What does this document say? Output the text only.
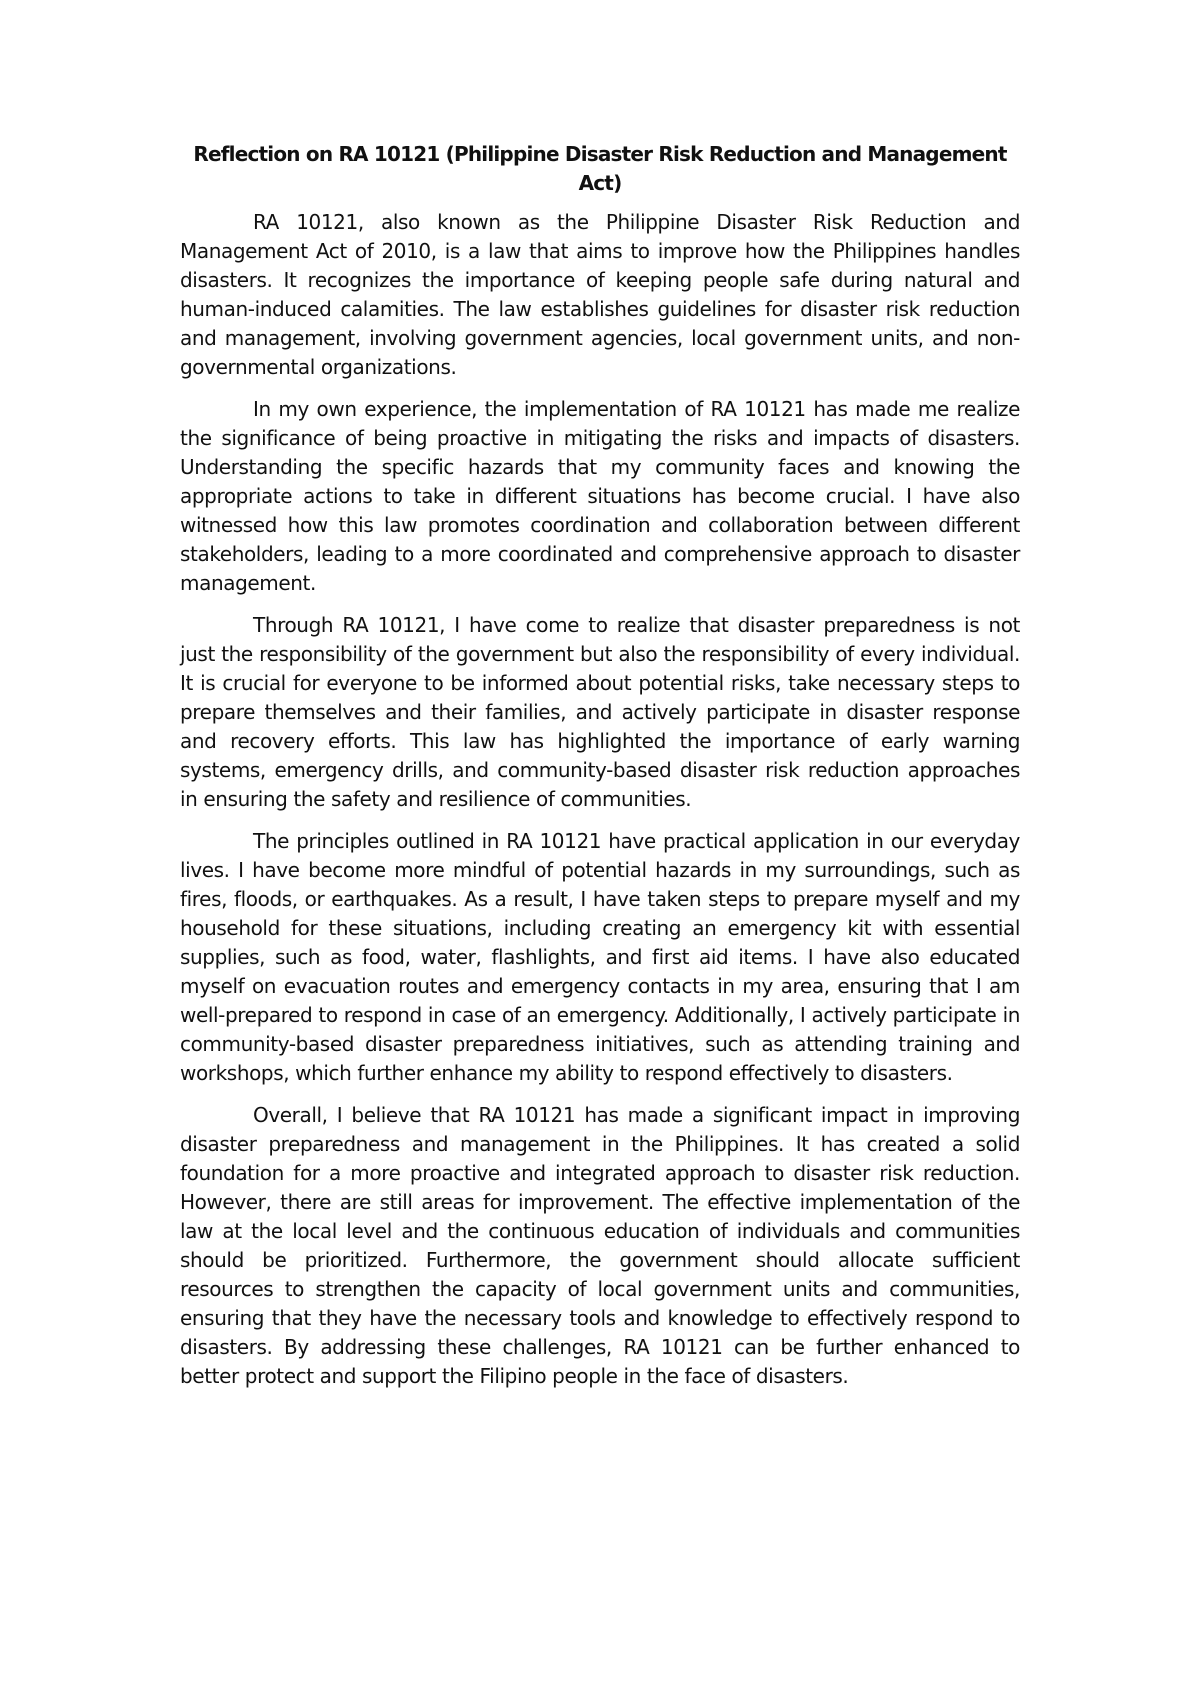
Reflection on RA 10121 (Philippine Disaster Risk Reduction and Management Act)

RA 10121, also known as the Philippine Disaster Risk Reduction and Management Act of 2010, is a law that aims to improve how the Philippines handles disasters. It recognizes the importance of keeping people safe during natural and human-induced calamities. The law establishes guidelines for disaster risk reduction and management, involving government agencies, local government units, and non-governmental organizations.

In my own experience, the implementation of RA 10121 has made me realize the significance of being proactive in mitigating the risks and impacts of disasters. Understanding the specific hazards that my community faces and knowing the appropriate actions to take in different situations has become crucial. I have also witnessed how this law promotes coordination and collaboration between different stakeholders, leading to a more coordinated and comprehensive approach to disaster management.

Through RA 10121, I have come to realize that disaster preparedness is not just the responsibility of the government but also the responsibility of every individual. It is crucial for everyone to be informed about potential risks, take necessary steps to prepare themselves and their families, and actively participate in disaster response and recovery efforts. This law has highlighted the importance of early warning systems, emergency drills, and community-based disaster risk reduction approaches in ensuring the safety and resilience of communities.

The principles outlined in RA 10121 have practical application in our everyday lives. I have become more mindful of potential hazards in my surroundings, such as fires, floods, or earthquakes. As a result, I have taken steps to prepare myself and my household for these situations, including creating an emergency kit with essential supplies, such as food, water, flashlights, and first aid items. I have also educated myself on evacuation routes and emergency contacts in my area, ensuring that I am well-prepared to respond in case of an emergency. Additionally, I actively participate in community-based disaster preparedness initiatives, such as attending training and workshops, which further enhance my ability to respond effectively to disasters.

Overall, I believe that RA 10121 has made a significant impact in improving disaster preparedness and management in the Philippines. It has created a solid foundation for a more proactive and integrated approach to disaster risk reduction. However, there are still areas for improvement. The effective implementation of the law at the local level and the continuous education of individuals and communities should be prioritized. Furthermore, the government should allocate sufficient resources to strengthen the capacity of local government units and communities, ensuring that they have the necessary tools and knowledge to effectively respond to disasters. By addressing these challenges, RA 10121 can be further enhanced to better protect and support the Filipino people in the face of disasters.
